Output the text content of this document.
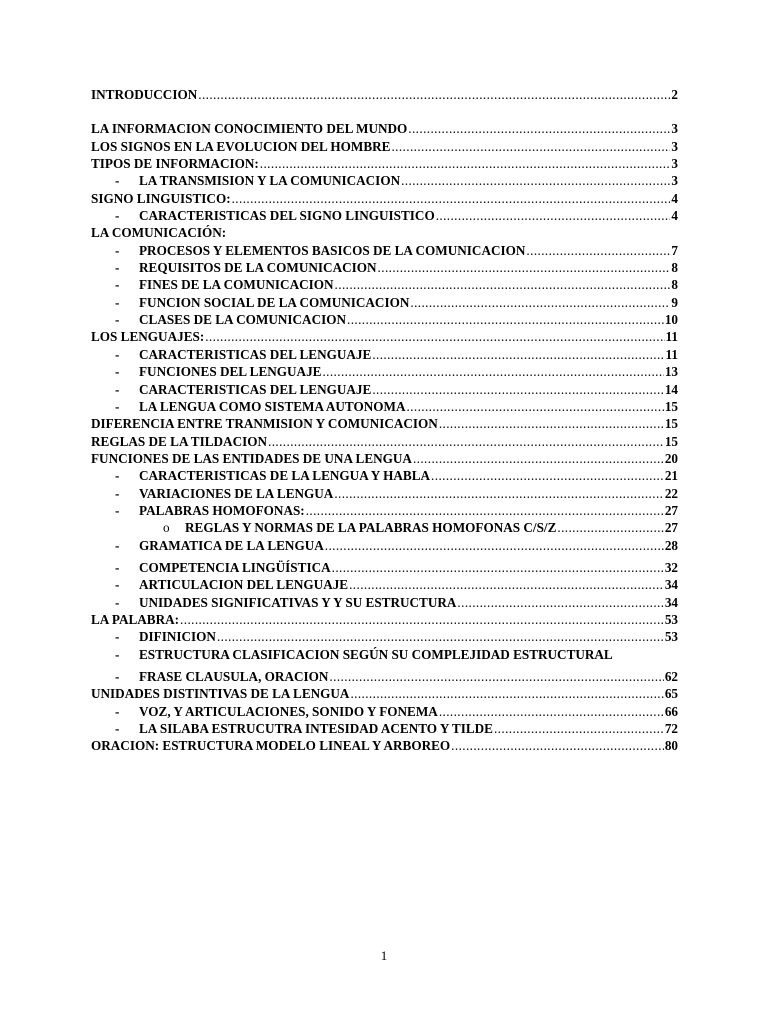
INTRODUCCION .....	2
LA INFORMACION CONOCIMIENTO DEL MUNDO .....	3
LOS SIGNOS EN LA EVOLUCION DEL HOMBRE .....	3
TIPOS DE INFORMACION: .....	3
-	LA TRANSMISION Y LA COMUNICACION .....	3
SIGNO LINGUISTICO: .....	4
-	CARACTERISTICAS DEL SIGNO LINGUISTICO .....	4
LA COMUNICACIÓN:
-	PROCESOS Y ELEMENTOS BASICOS DE LA COMUNICACION .....	7
-	REQUISITOS DE LA COMUNICACION .....	8
-	FINES DE LA COMUNICACION .....	8
-	FUNCION SOCIAL DE LA COMUNICACION .....	9
-	CLASES DE LA COMUNICACION .....	10
LOS LENGUAJES: .....	11
-	CARACTERISTICAS DEL LENGUAJE .....	11
-	FUNCIONES DEL LENGUAJE .....	13
-	CARACTERISTICAS DEL LENGUAJE .....	14
-	LA LENGUA COMO SISTEMA AUTONOMA .....	15
DIFERENCIA ENTRE TRANMISION Y COMUNICACION .....	15
REGLAS DE LA TILDACION .....	15
FUNCIONES DE LAS ENTIDADES DE UNA LENGUA .....	20
-	CARACTERISTICAS DE LA LENGUA Y HABLA .....	21
-	VARIACIONES DE LA LENGUA .....	22
-	PALABRAS HOMOFONAS: .....	27
o	REGLAS Y NORMAS DE LA PALABRAS HOMOFONAS C/S/Z .....	27
-	GRAMATICA DE LA LENGUA .....	28
-	COMPETENCIA LINGÜÍSTICA .....	32
-	ARTICULACION DEL LENGUAJE .....	34
-	UNIDADES SIGNIFICATIVAS Y Y SU ESTRUCTURA .....	34
LA PALABRA: .....	53
-	DIFINICION .....	53
-	ESTRUCTURA CLASIFICACION SEGÚN SU COMPLEJIDAD ESTRUCTURAL
-	FRASE CLAUSULA, ORACION .....	62
UNIDADES DISTINTIVAS DE LA LENGUA .....	65
-	VOZ, Y ARTICULACIONES, SONIDO Y FONEMA .....	66
-	LA SILABA ESTRUCUTRA INTESIDAD ACENTO Y TILDE .....	72
ORACION: ESTRUCTURA MODELO LINEAL Y ARBOREO .....	80
1
